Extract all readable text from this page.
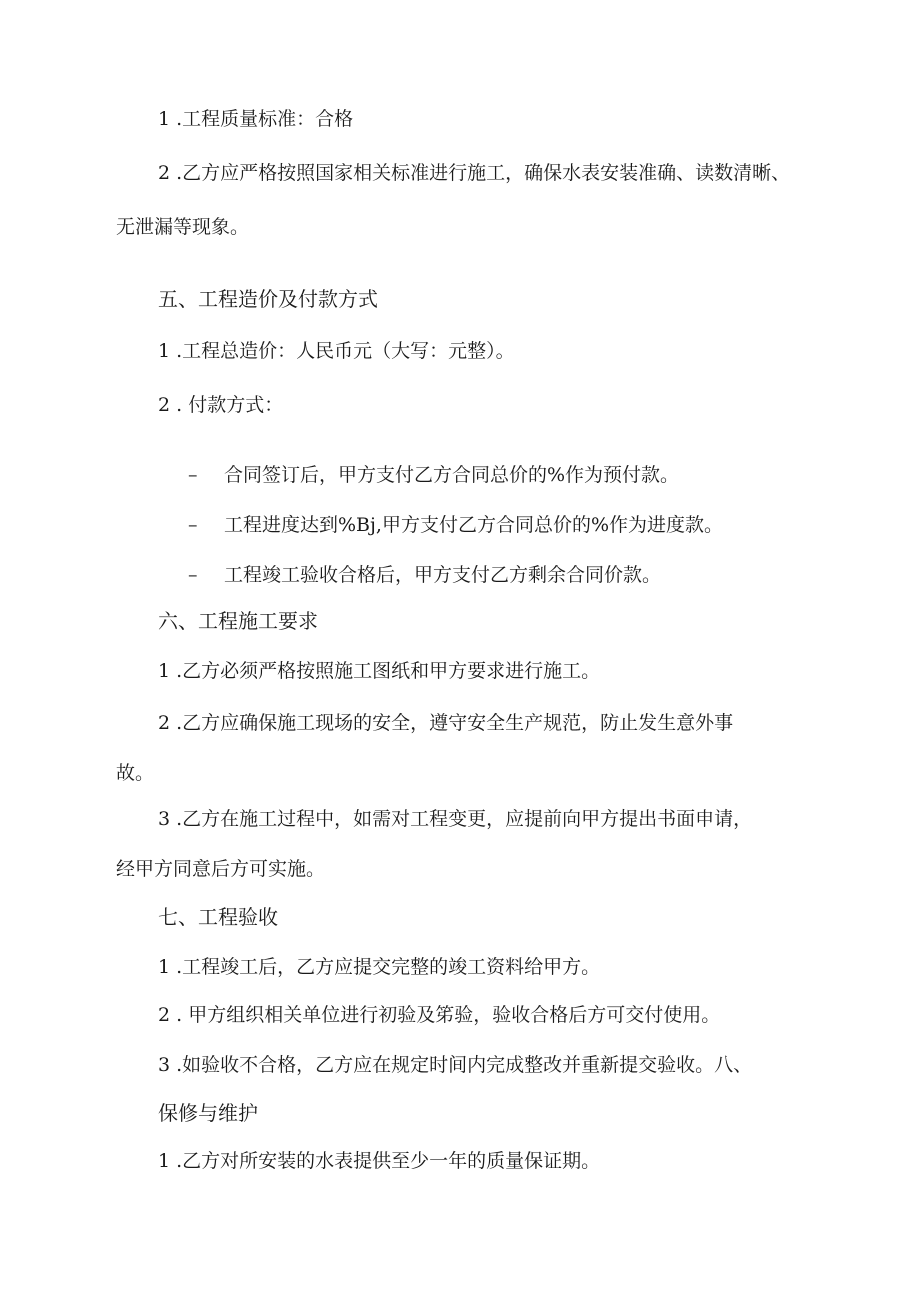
1 .工程质量标准：合格
2 .乙方应严格按照国家相关标准进行施工，确保水表安装准确、读数清晰、
无泄漏等现象。
五、工程造价及付款方式
1 .工程总造价：人民币元（大写：元整）。
2 . 付款方式：
– 合同签订后，甲方支付乙方合同总价的%作为预付款。
– 工程进度达到%Bj,甲方支付乙方合同总价的%作为进度款。
– 工程竣工验收合格后，甲方支付乙方剩余合同价款。
六、工程施工要求
1 .乙方必须严格按照施工图纸和甲方要求进行施工。
2 .乙方应确保施工现场的安全，遵守安全生产规范，防止发生意外事
故。
3 .乙方在施工过程中，如需对工程变更，应提前向甲方提出书面申请，
经甲方同意后方可实施。
七、工程验收
1 .工程竣工后，乙方应提交完整的竣工资料给甲方。
2 . 甲方组织相关单位进行初验及笫验，验收合格后方可交付使用。
3 .如验收不合格，乙方应在规定时间内完成整改并重新提交验收。八、
保修与维护
1 .乙方对所安装的水表提供至少一年的质量保证期。
